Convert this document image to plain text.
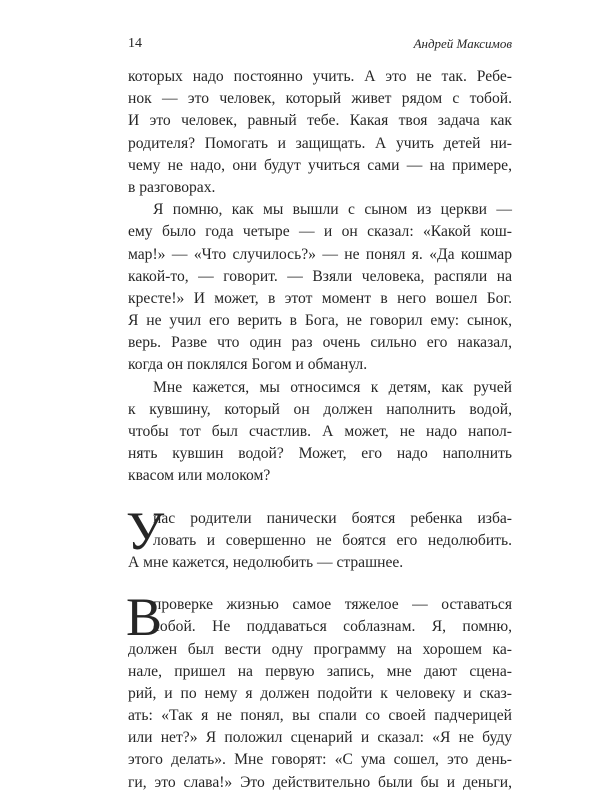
14	Андрей Максимов
которых надо постоянно учить. А это не так. Ребе-
нок — это человек, который живет рядом с тобой.
И это человек, равный тебе. Какая твоя задача как
родителя? Помогать и защищать. А учить детей ни-
чему не надо, они будут учиться сами — на примере,
в разговорах.
Я помню, как мы вышли с сыном из церкви —
ему было года четыре — и он сказал: «Какой кош-
мар!» — «Что случилось?» — не понял я. «Да кошмар
какой-то, — говорит. — Взяли человека, распяли на
кресте!» И может, в этот момент в него вошел Бог.
Я не учил его верить в Бога, не говорил ему: сынок,
верь. Разве что один раз очень сильно его наказал,
когда он поклялся Богом и обманул.
Мне кажется, мы относимся к детям, как ручей
к кувшину, который он должен наполнить водой,
чтобы тот был счастлив. А может, не надо напол-
нять кувшин водой? Может, его надо наполнить
квасом или молоком?
У
нас родители панически боятся ребенка изба-
ловать и совершенно не боятся его недолюбить.
А мне кажется, недолюбить — страшнее.
В
проверке жизнью самое тяжелое — оставаться
собой. Не поддаваться соблазнам. Я, помню,
должен был вести одну программу на хорошем ка-
нале, пришел на первую запись, мне дают сцена-
рий, и по нему я должен подойти к человеку и сказ-
ать: «Так я не понял, вы спали со своей падчерицей
или нет?» Я положил сценарий и сказал: «Я не буду
этого делать». Мне говорят: «С ума сошел, это день-
ги, это слава!» Это действительно были бы и деньги,
